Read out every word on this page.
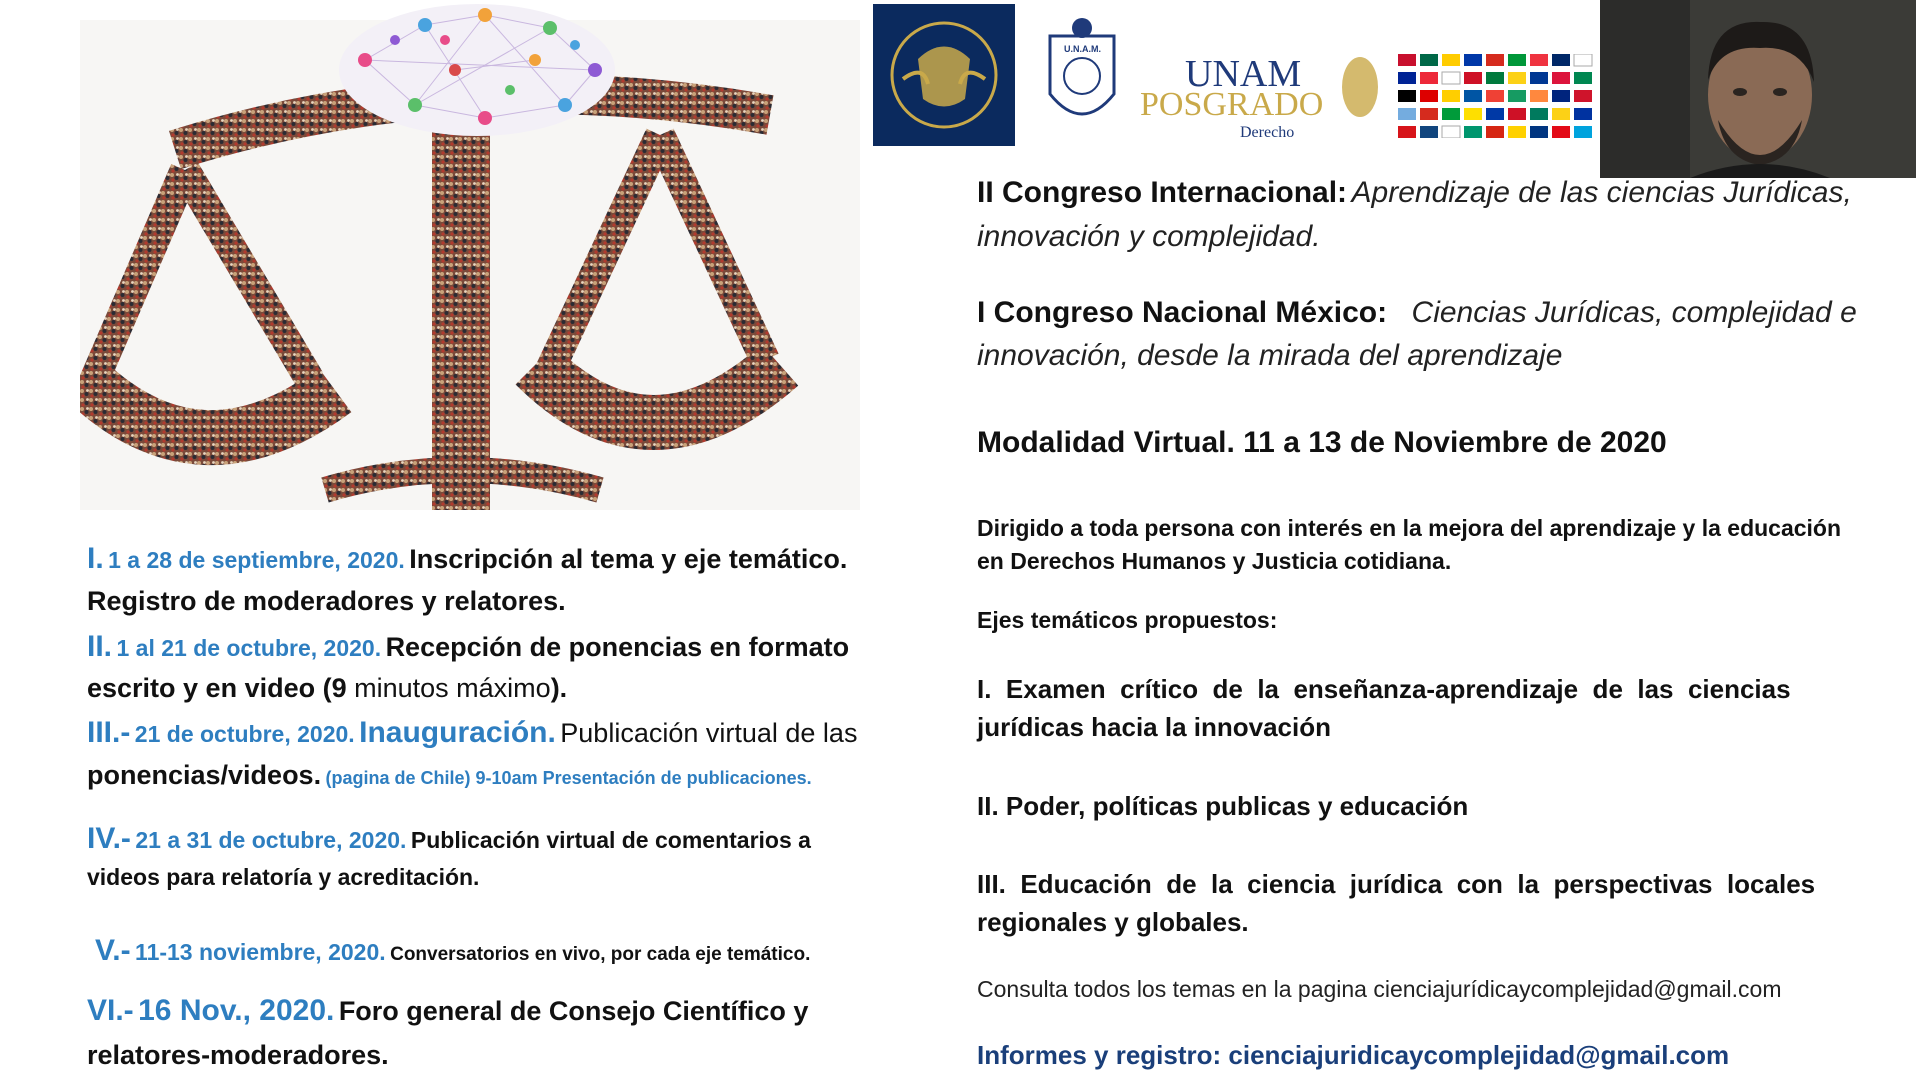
U.N.A.M.
UNAM
POSGRADO
Derecho
I. 1 a 28 de septiembre, 2020. Inscripción al tema y eje temático.
Registro de moderadores y relatores.
II. 1 al 21 de octubre, 2020. Recepción de ponencias en formato
escrito y en video (9 minutos máximo).
III.- 21 de octubre, 2020. Inauguración. Publicación virtual de las
ponencias/videos. (pagina de Chile) 9-10am Presentación de publicaciones.
IV.- 21 a 31 de octubre, 2020. Publicación virtual de comentarios a
videos para relatoría y acreditación.
V.- 11-13 noviembre, 2020. Conversatorios en vivo, por cada eje temático.
VI.- 16 Nov., 2020. Foro general de Consejo Científico y
relatores-moderadores.
II Congreso Internacional: Aprendizaje de las ciencias Jurídicas,
innovación y complejidad.
I Congreso Nacional México: Ciencias Jurídicas, complejidad e
innovación, desde la mirada del aprendizaje
Modalidad Virtual. 11 a 13 de Noviembre de 2020
Dirigido a toda persona con interés en la mejora del aprendizaje y la educación
en Derechos Humanos y Justicia cotidiana.
Ejes temáticos propuestos:
I.  Examen  crítico  de  la  enseñanza-aprendizaje  de  las  ciencias
jurídicas hacia la innovación
II. Poder, políticas publicas y educación
III.  Educación  de  la  ciencia  jurídica  con  la  perspectivas  locales
regionales y globales.
Consulta todos los temas en la pagina cienciajurídicaycomplejidad@gmail.com
Informes y registro: cienciajuridicaycomplejidad@gmail.com
